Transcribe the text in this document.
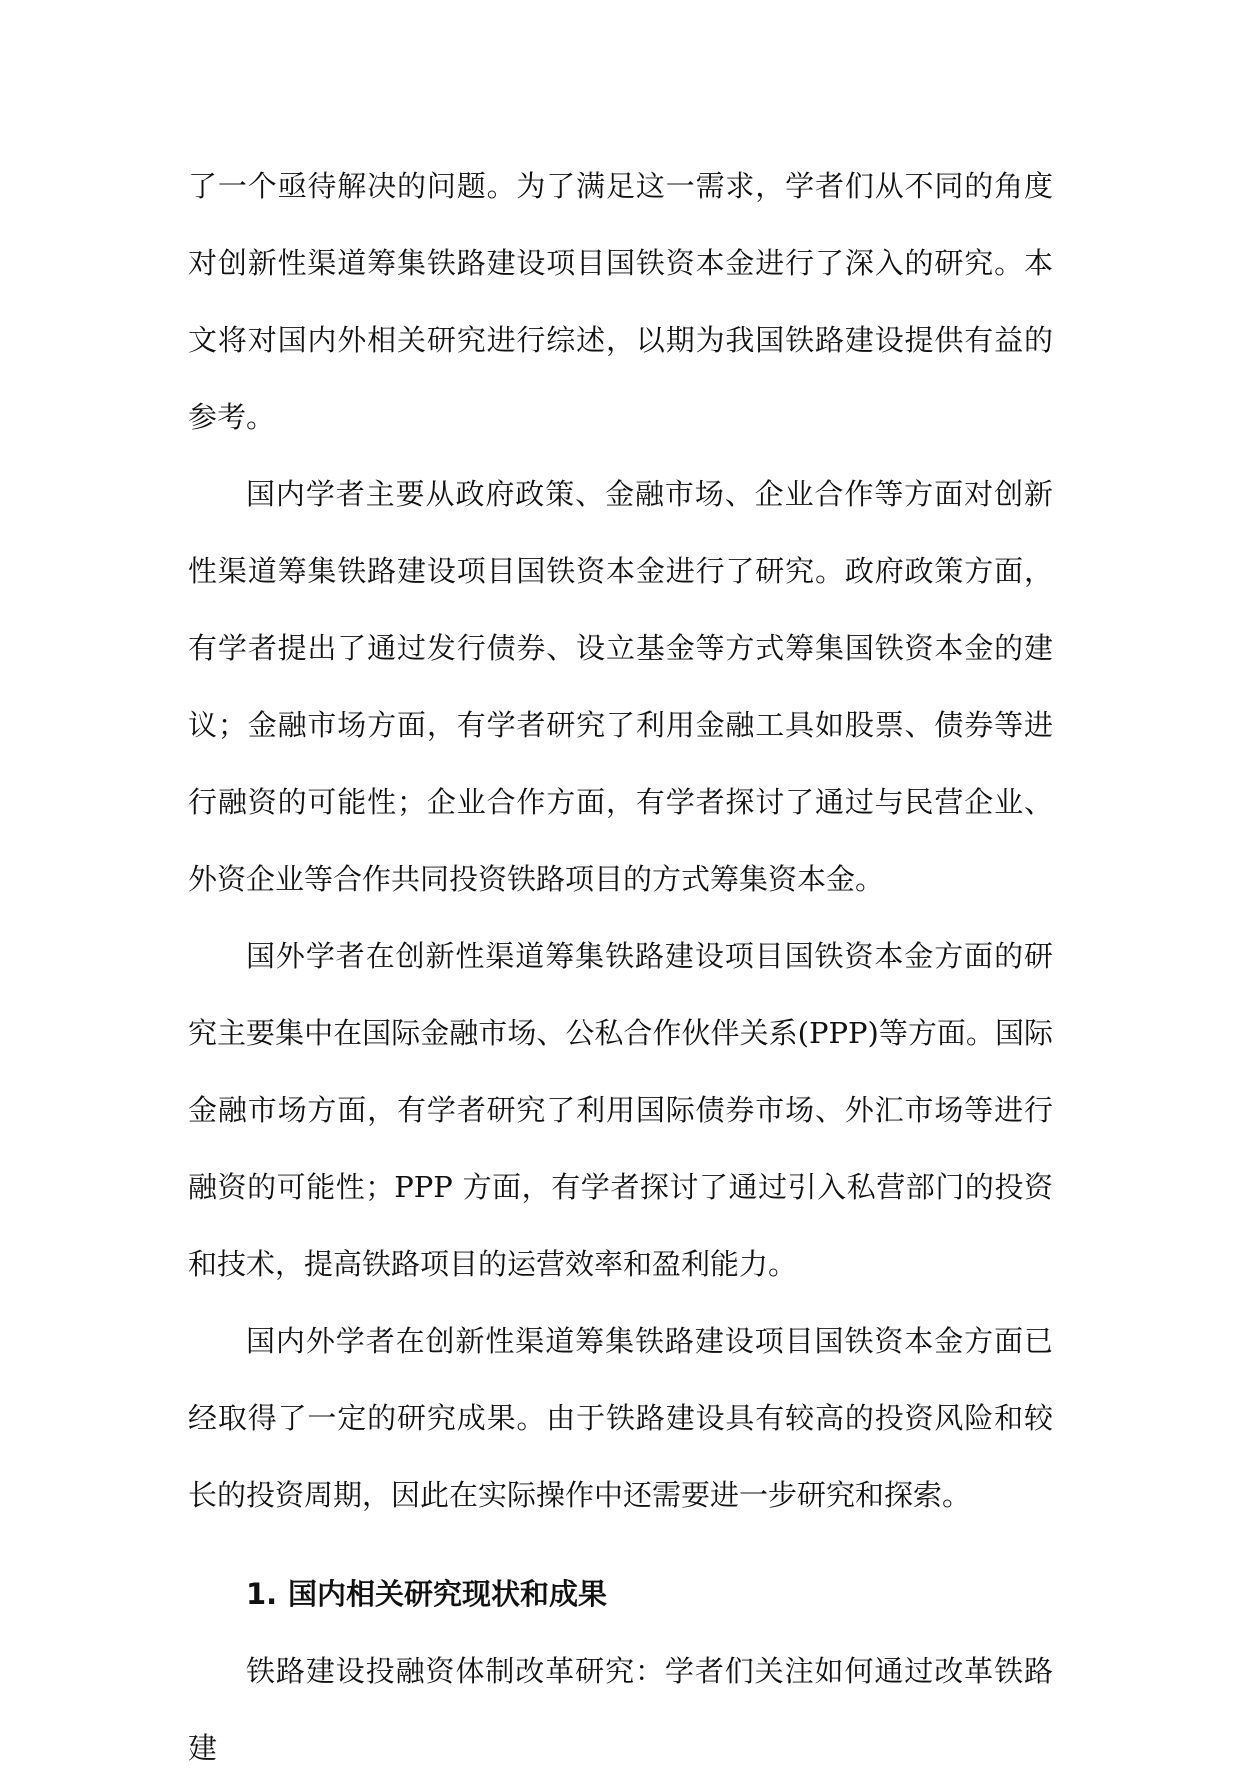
了一个亟待解决的问题。为了满足这一需求，学者们从不同的角度对创新性渠道筹集铁路建设项目国铁资本金进行了深入的研究。本文将对国内外相关研究进行综述，以期为我国铁路建设提供有益的参考。

国内学者主要从政府政策、金融市场、企业合作等方面对创新性渠道筹集铁路建设项目国铁资本金进行了研究。政府政策方面，有学者提出了通过发行债券、设立基金等方式筹集国铁资本金的建议；金融市场方面，有学者研究了利用金融工具如股票、债券等进行融资的可能性；企业合作方面，有学者探讨了通过与民营企业、外资企业等合作共同投资铁路项目的方式筹集资本金。

国外学者在创新性渠道筹集铁路建设项目国铁资本金方面的研究主要集中在国际金融市场、公私合作伙伴关系(PPP)等方面。国际金融市场方面，有学者研究了利用国际债券市场、外汇市场等进行融资的可能性；PPP 方面，有学者探讨了通过引入私营部门的投资和技术，提高铁路项目的运营效率和盈利能力。

国内外学者在创新性渠道筹集铁路建设项目国铁资本金方面已经取得了一定的研究成果。由于铁路建设具有较高的投资风险和较长的投资周期，因此在实际操作中还需要进一步研究和探索。

1. 国内相关研究现状和成果

铁路建设投融资体制改革研究：学者们关注如何通过改革铁路建
